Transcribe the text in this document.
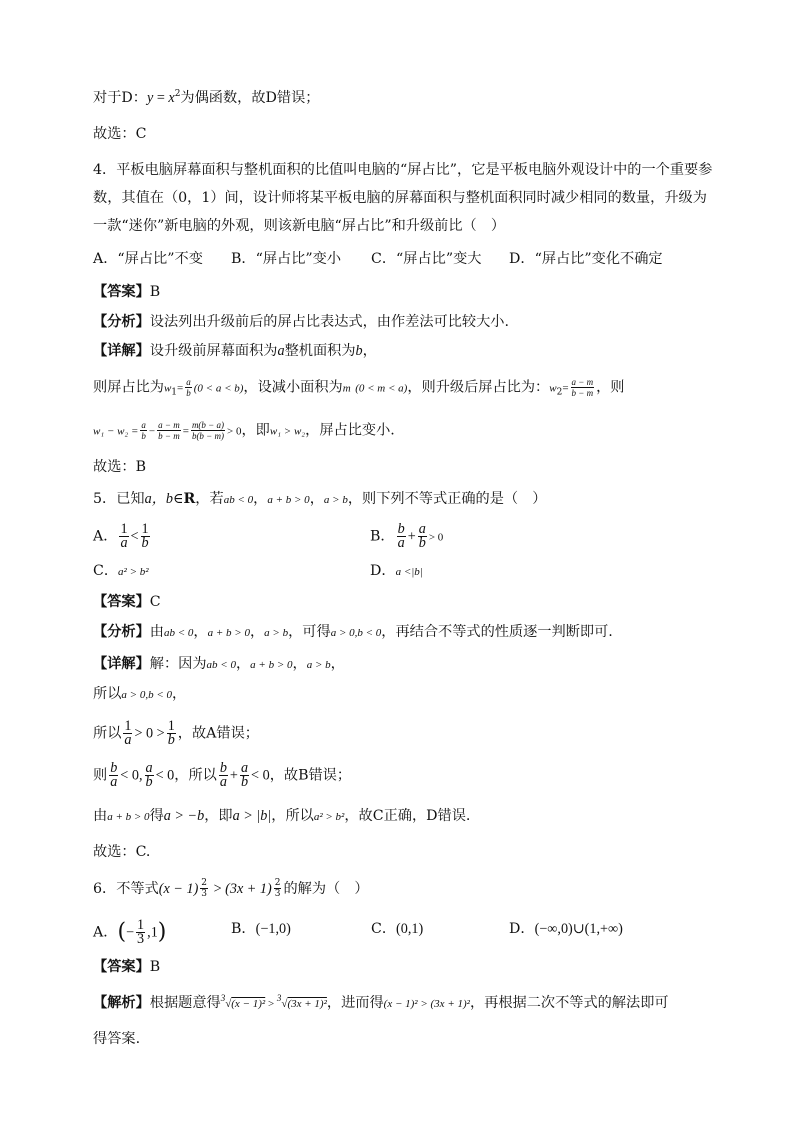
对于D：$y = x^2$为偶函数，故D错误；
故选：C
4．平板电脑屏幕面积与整机面积的比值叫电脑的“屏占比”，它是平板电脑外观设计中的一个重要参
数，其值在（0，1）间，设计师将某平板电脑的屏幕面积与整机面积同时减少相同的数量，升级为
一款“迷你”新电脑的外观，则该新电脑“屏占比”和升级前比（　）
A．“屏占比”不变 B．“屏占比”变小 C．“屏占比”变大 D．“屏占比”变化不确定
【答案】B
【分析】设法列出升级前后的屏占比表达式，由作差法可比较大小.
【详解】设升级前屏幕面积为a整机面积为b，
则屏占比为$w_1= \frac{a}{b} (0 < a < b)$，设减小面积为m (0 < m < a)，则升级后屏占比为：$w_2= \frac{a - m}{b - m}$ ，则
$w_1 - w_2 = \frac{a}{b} - \frac{a - m}{b - m} = \frac{m(b - a)}{b(b - m)} > 0$，即w₁ > w₂，屏占比变小.
故选：B
5．已知a，b∈R，若ab < 0，a + b > 0，a > b，则下列不等式正确的是（　）
A． $\frac{1}{a} < \frac{1}{b}$	B． $\frac{b}{a} + \frac{a}{b} > 0$
C．a² > b²	D．a <|b|
【答案】C
【分析】由ab < 0，a + b > 0，a > b，可得a > 0,b < 0，再结合不等式的性质逐一判断即可.
【详解】解：因为ab < 0，a + b > 0，a > b，
所以a > 0,b < 0，
所以 $\frac{1}{a} > 0 > \frac{1}{b}$ ，故A错误；
则 $\frac{b}{a} < 0$, $\frac{a}{b} < 0$，所以 $\frac{b}{a} + \frac{a}{b} < 0$，故B错误；
由a + b > 0得a > −b，即a > |b|，所以a² > b²，故C正确，D错误.
故选：C.
6．不等式$(x - 1) \frac{2}{3} > (3x + 1) \frac{2}{3}$ 的解为（　）
A．(− $\frac{1}{3} ,1$)	B．(−1,0)	C．(0,1)	D．(−∞,0)∪(1,+∞)
【答案】B
【解析】根据题意得$^3$√(x − 1)² > $^3$√(3x + 1)²，进而得(x − 1)² > (3x + 1)²，再根据二次不等式的解法即可
得答案.
